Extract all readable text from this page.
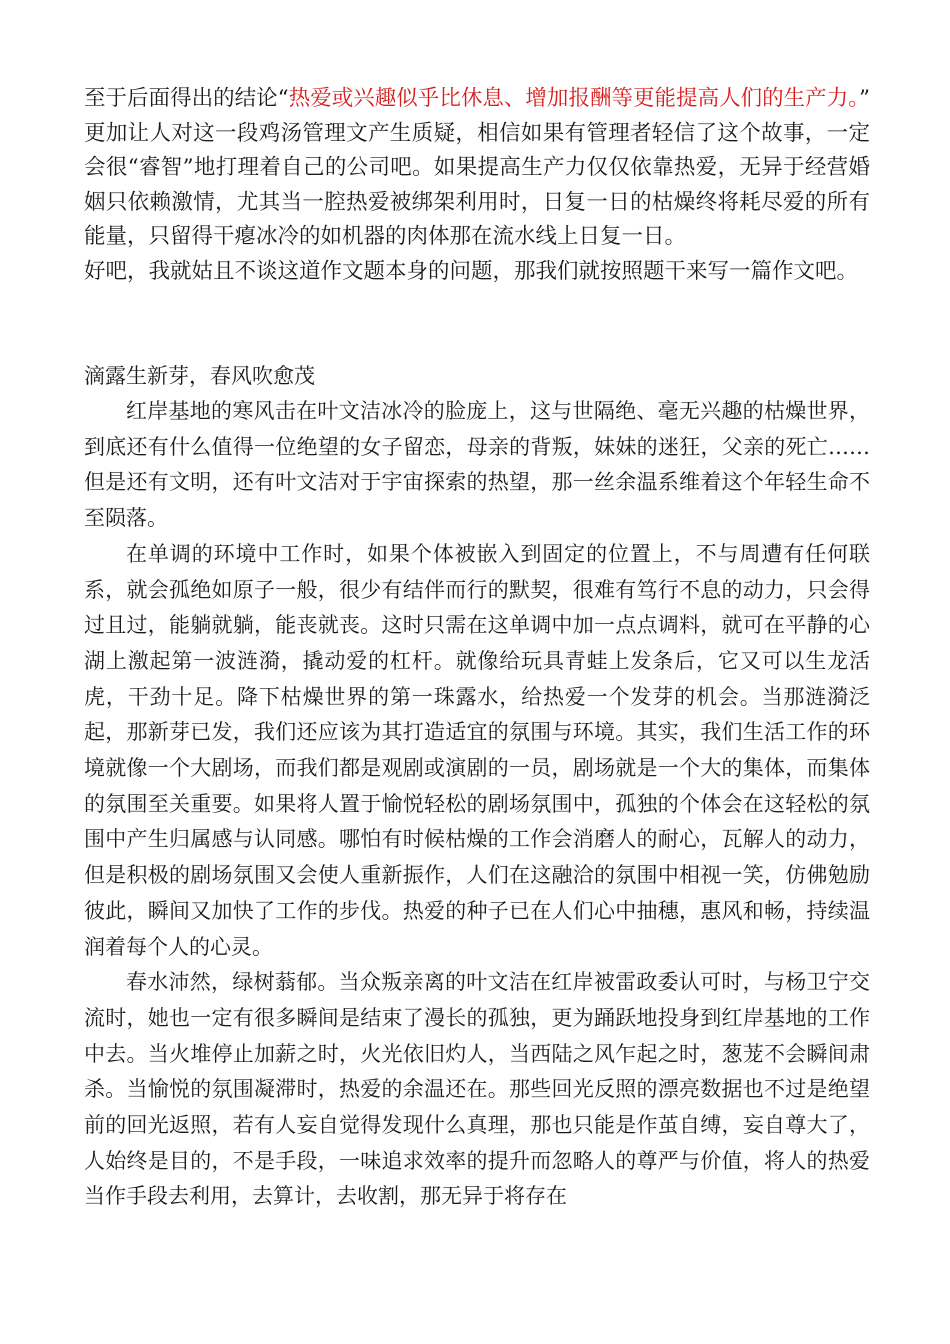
至于后面得出的结论“热爱或兴趣似乎比休息、增加报酬等更能提高人们的生产力。” 更加让人对这一段鸡汤管理文产生质疑，相信如果有管理者轻信了这个故事，一定会很“睿智”地打理着自己的公司吧。如果提高生产力仅仅依靠热爱，无异于经营婚姻只依赖激情，尤其当一腔热爱被绑架利用时，日复一日的枯燥终将耗尽爱的所有能量，只留得干瘪冰冷的如机器的肉体那在流水线上日复一日。

好吧，我就姑且不谈这道作文题本身的问题，那我们就按照题干来写一篇作文吧。

滴露生新芽，春风吹愈茂

红岸基地的寒风击在叶文洁冰冷的脸庞上，这与世隔绝、毫无兴趣的枯燥世界，到底还有什么值得一位绝望的女子留恋，母亲的背叛，妹妹的迷狂，父亲的死亡……但是还有文明，还有叶文洁对于宇宙探索的热望，那一丝余温系维着这个年轻生命不至陨落。

在单调的环境中工作时，如果个体被嵌入到固定的位置上，不与周遭有任何联系，就会孤绝如原子一般，很少有结伴而行的默契，很难有笃行不息的动力，只会得过且过，能躺就躺，能丧就丧。这时只需在这单调中加一点点调料，就可在平静的心湖上激起第一波涟漪，撬动爱的杠杆。就像给玩具青蛙上发条后，它又可以生龙活虎，干劲十足。降下枯燥世界的第一珠露水，给热爱一个发芽的机会。当那涟漪泛起，那新芽已发，我们还应该为其打造适宜的氛围与环境。其实，我们生活工作的环境就像一个大剧场，而我们都是观剧或演剧的一员，剧场就是一个大的集体，而集体的氛围至关重要。如果将人置于愉悦轻松的剧场氛围中，孤独的个体会在这轻松的氛围中产生归属感与认同感。哪怕有时候枯燥的工作会消磨人的耐心，瓦解人的动力，但是积极的剧场氛围又会使人重新振作，人们在这融洽的氛围中相视一笑，仿佛勉励彼此，瞬间又加快了工作的步伐。热爱的种子已在人们心中抽穗，惠风和畅，持续温润着每个人的心灵。

春水沛然，绿树蓊郁。当众叛亲离的叶文洁在红岸被雷政委认可时，与杨卫宁交流时，她也一定有很多瞬间是结束了漫长的孤独，更为踊跃地投身到红岸基地的工作中去。当火堆停止加薪之时，火光依旧灼人，当西陆之风乍起之时，葱茏不会瞬间肃杀。当愉悦的氛围凝滞时，热爱的余温还在。那些回光反照的漂亮数据也不过是绝望前的回光返照，若有人妄自觉得发现什么真理，那也只能是作茧自缚，妄自尊大了，人始终是目的，不是手段，一味追求效率的提升而忽略人的尊严与价值，将人的热爱当作手段去利用，去算计，去收割，那无异于将存在
